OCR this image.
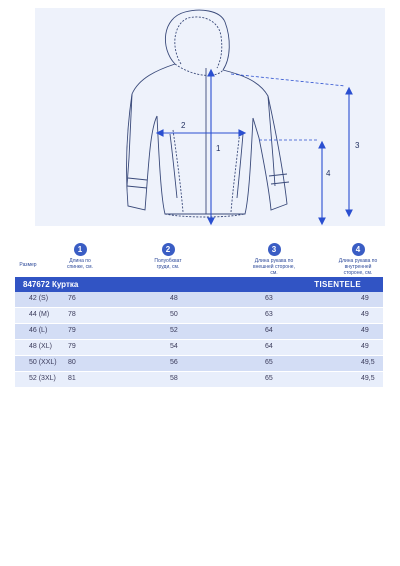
1
2
3
4
Размер
1
Длина по спинке, см.
2
Полуобхват груди, см.
3
Длина рукава по внешней стороне, см.
4
Длина рукава по внутренней стороне, см.
847672 Куртка	TISENTELE
42 (S)	76	48	63	49
44 (M)	78	50	63	49
46 (L)	79	52	64	49
48 (XL) 79	54	64	49
50 (XXL) 80	56	65	49,5
52 (3XL) 81	58	65	49,5
